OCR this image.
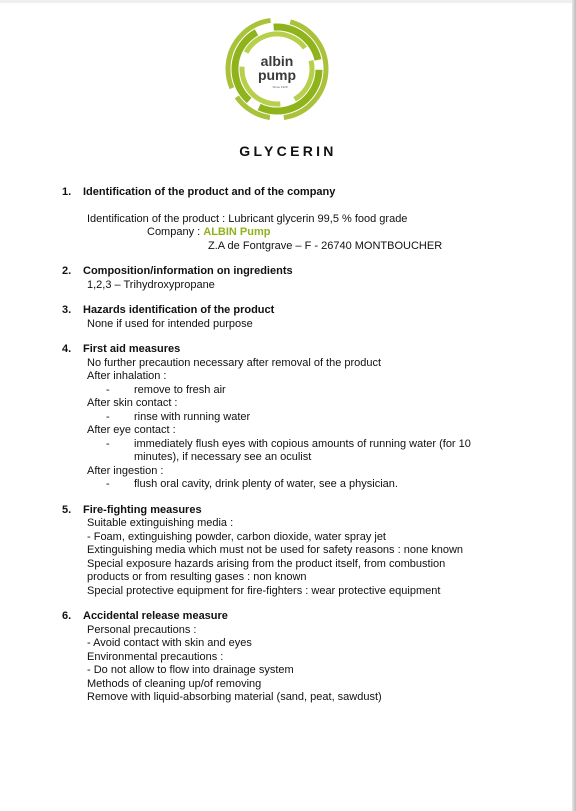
albin
pump
Since 1928
GLYCERIN
1. Identification of the product and of the company
Identification of the product : Lubricant glycerin 99,5 % food grade
Company : ALBIN Pump
Z.A de Fontgrave – F - 26740 MONTBOUCHER
2. Composition/information on ingredients
1,2,3 – Trihydroxypropane
3. Hazards identification of the product
None if used for intended purpose
4. First aid measures
No further precaution necessary after removal of the product
After inhalation :
- remove to fresh air
After skin contact :
- rinse with running water
After eye contact :
- immediately flush eyes with copious amounts of running water (for 10
minutes), if necessary see an oculist
After ingestion :
- flush oral cavity, drink plenty of water, see a physician.
5. Fire-fighting measures
Suitable extinguishing media :
- Foam, extinguishing powder, carbon dioxide, water spray jet
Extinguishing media which must not be used for safety reasons : none known
Special exposure hazards arising from the product itself, from combustion
products or from resulting gases : non known
Special protective equipment for fire-fighters : wear protective equipment
6. Accidental release measure
Personal precautions :
- Avoid contact with skin and eyes
Environmental precautions :
- Do not allow to flow into drainage system
Methods of cleaning up/of removing
Remove with liquid-absorbing material (sand, peat, sawdust)
